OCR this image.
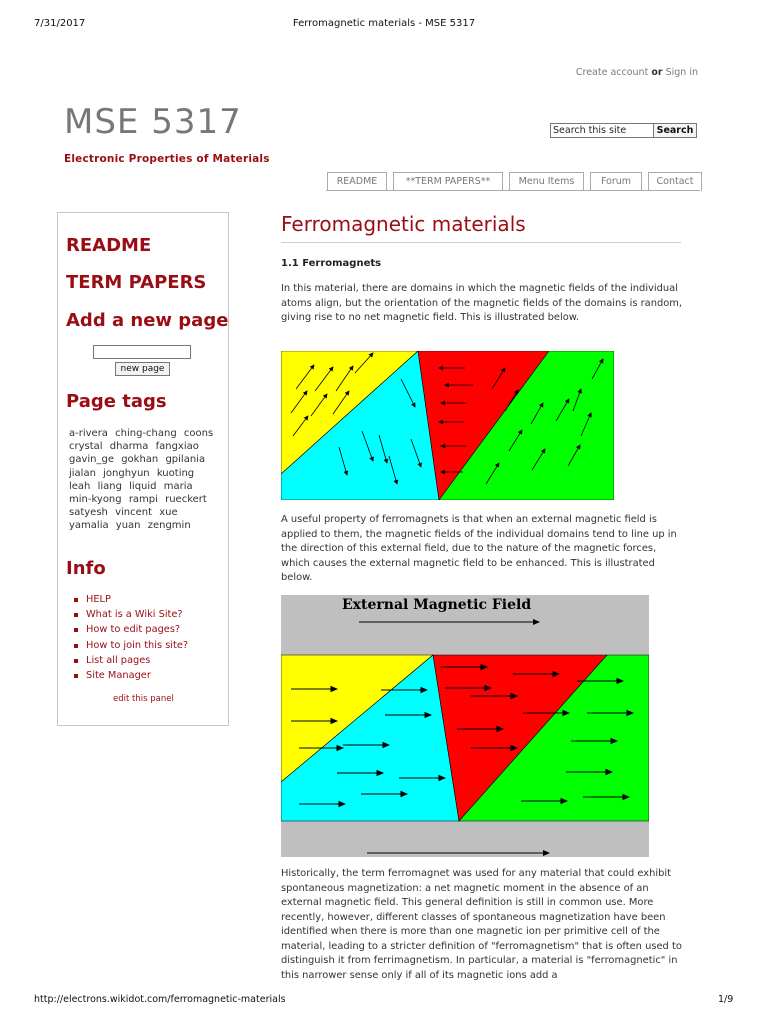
7/31/2017	Ferromagnetic materials - MSE 5317
Create account or Sign in
MSE 5317
Electronic Properties of Materials
Search this site	Search
README	**TERM PAPERS**	Menu Items	Forum	Contact
README
TERM PAPERS
Add a new page
new page
Page tags
a-rivera ching-chang coons crystal dharma fangxiao gavin_ge gokhan gpilania jialan jonghyun kuoting leah liang liquid maria min-kyong rampi rueckert satyesh vincent xue yamalia yuan zengmin
Info
HELP
What is a Wiki Site?
How to edit pages?
How to join this site?
List all pages
Site Manager
edit this panel
Ferromagnetic materials
1.1 Ferromagnets
In this material, there are domains in which the magnetic fields of the individual atoms align, but the orientation of the magnetic fields of the domains is random, giving rise to no net magnetic field. This is illustrated below.
A useful property of ferromagnets is that when an external magnetic field is applied to them, the magnetic fields of the individual domains tend to line up in the direction of this external field, due to the nature of the magnetic forces, which causes the external magnetic field to be enhanced. This is illustrated below.
External Magnetic Field
Historically, the term ferromagnet was used for any material that could exhibit spontaneous magnetization: a net magnetic moment in the absence of an external magnetic field. This general definition is still in common use. More recently, however, different classes of spontaneous magnetization have been identified when there is more than one magnetic ion per primitive cell of the material, leading to a stricter definition of "ferromagnetism" that is often used to distinguish it from ferrimagnetism. In particular, a material is "ferromagnetic" in this narrower sense only if all of its magnetic ions add a
http://electrons.wikidot.com/ferromagnetic-materials	1/9
